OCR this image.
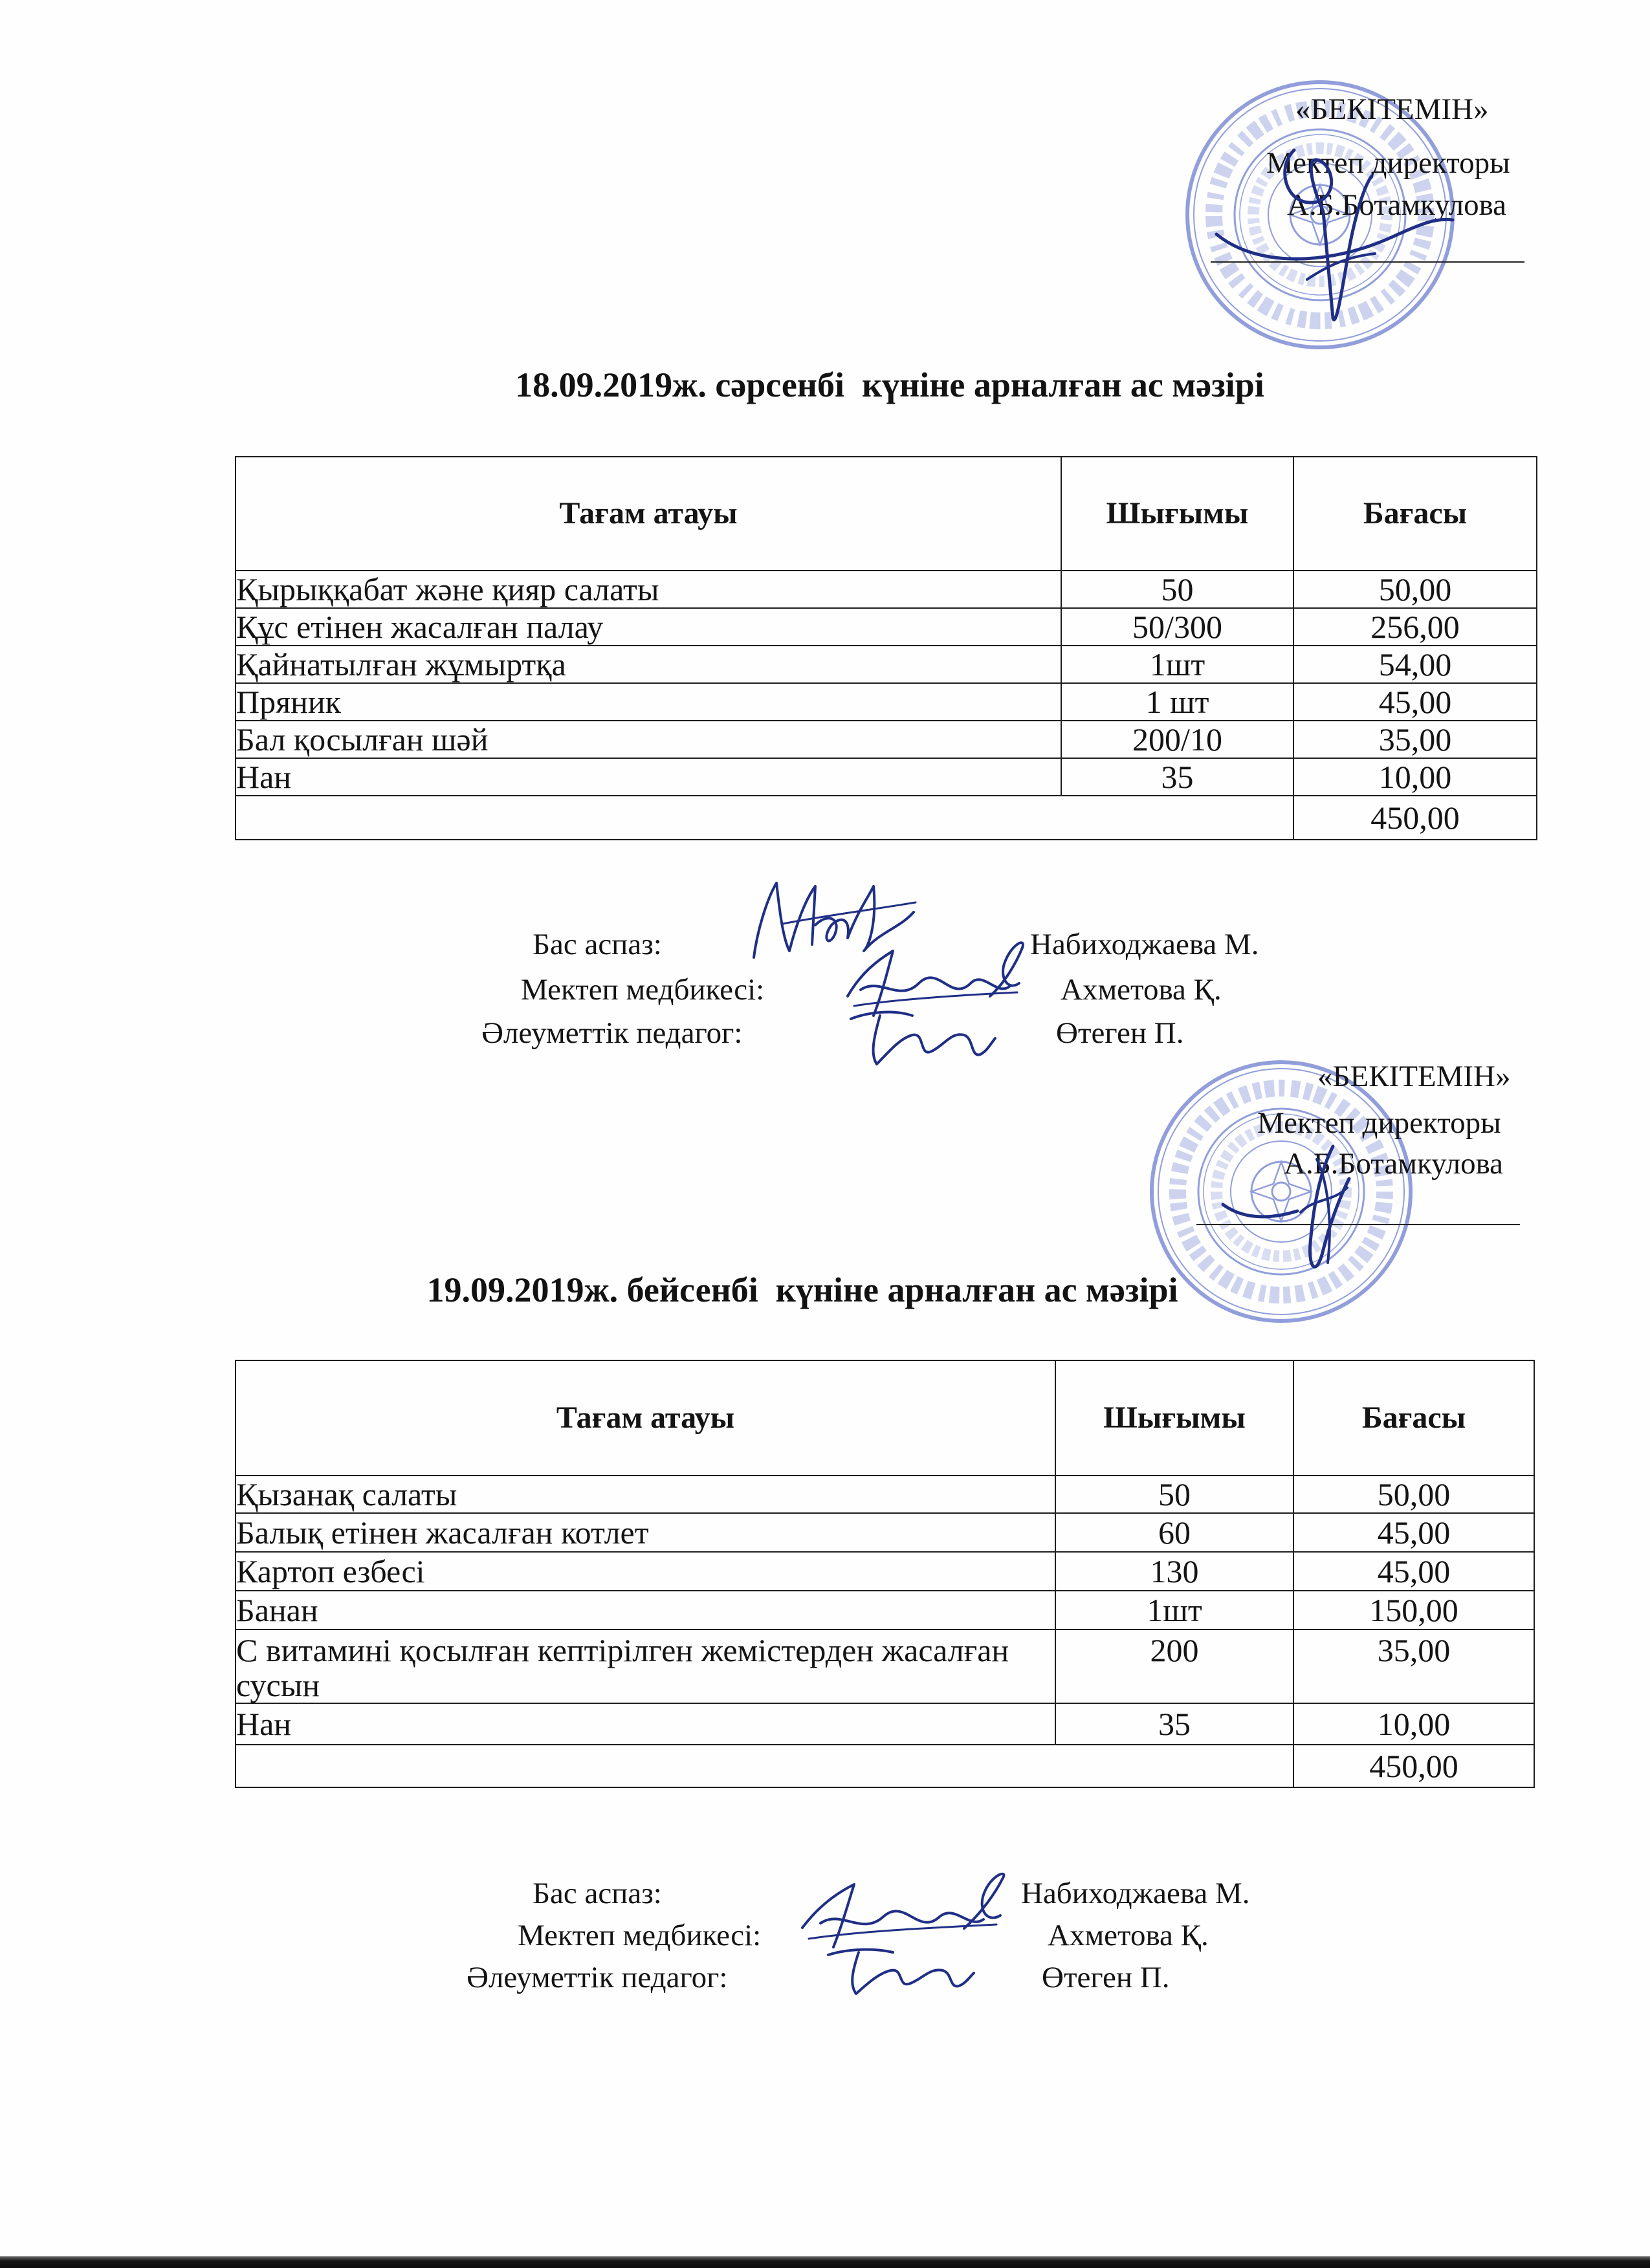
«БЕКІТЕМІН»
Мектеп директоры
А.Б.Ботамкулова
18.09.2019ж. сәрсенбі  күніне арналған ас мәзірі
Тағам атауы	Шығымы	Бағасы
Қырыққабат және қияр салаты	50	50,00
Құс етінен жасалған палау	50/300	256,00
Қайнатылған жұмыртқа	1шт	54,00
Пряник	1 шт	45,00
Бал қосылған шәй	200/10	35,00
Нан	35	10,00
		450,00
Бас аспаз:	Набиходжаева М.
Мектеп медбикесі:	Ахметова Қ.
Әлеуметтік педагог:	Өтеген П.
«БЕКІТЕМІН»
Мектеп директоры
А.Б.Ботамкулова
19.09.2019ж. бейсенбі  күніне арналған ас мәзірі
Тағам атауы	Шығымы	Бағасы
Қызанақ салаты	50	50,00
Балық етінен жасалған котлет	60	45,00
Картоп езбесі	130	45,00
Банан	1шт	150,00
С витамині қосылған кептірілген жемістерден жасалған сусын	200	35,00
Нан	35	10,00
		450,00
Бас аспаз:	Набиходжаева М.
Мектеп медбикесі:	Ахметова Қ.
Әлеуметтік педагог:	Өтеген П.
